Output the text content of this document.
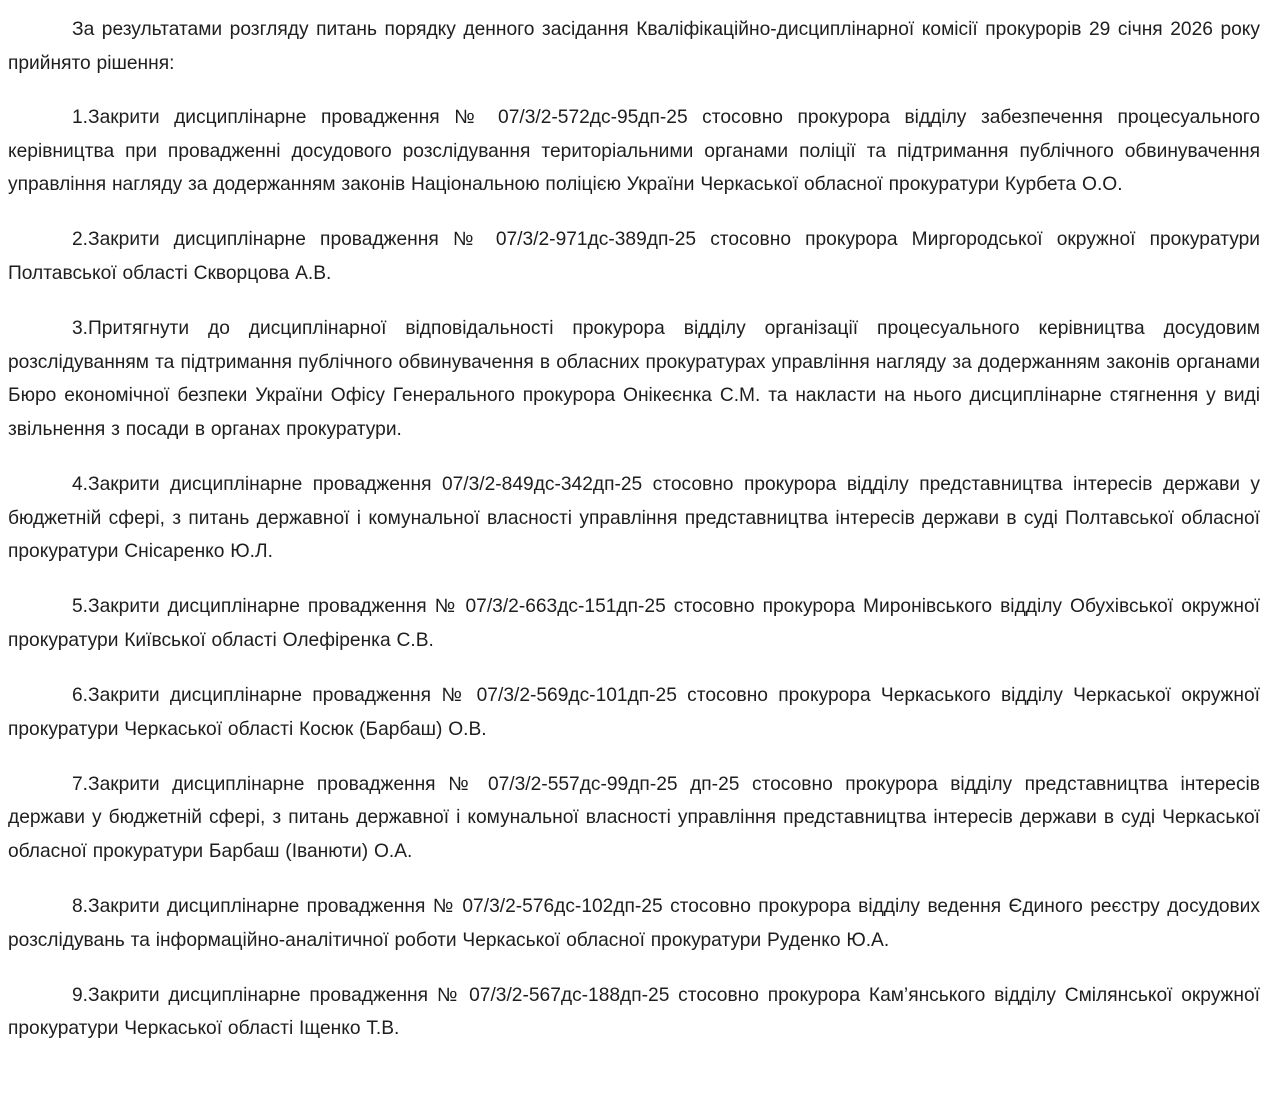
За результатами розгляду питань порядку денного засідання Кваліфікаційно-дисциплінарної комісії прокурорів 29 січня 2026 року прийнято рішення:

1.Закрити дисциплінарне провадження № 07/3/2-572дс-95дп-25 стосовно прокурора відділу забезпечення процесуального керівництва при провадженні досудового розслідування територіальними органами поліції та підтримання публічного обвинувачення управління нагляду за додержанням законів Національною поліцією України Черкаської обласної прокуратури Курбета О.О.

2.Закрити дисциплінарне провадження № 07/3/2-971дс-389дп-25 стосовно прокурора Миргородської окружної прокуратури Полтавської області Скворцова А.В.

3.Притягнути до дисциплінарної відповідальності прокурора відділу організації процесуального керівництва досудовим розслідуванням та підтримання публічного обвинувачення в обласних прокуратурах управління нагляду за додержанням законів органами Бюро економічної безпеки України Офісу Генерального прокурора Онікеєнка С.М. та накласти на нього дисциплінарне стягнення у виді звільнення з посади в органах прокуратури.

4.Закрити дисциплінарне провадження 07/3/2-849дс-342дп-25 стосовно прокурора відділу представництва інтересів держави у бюджетній сфері, з питань державної і комунальної власності управління представництва інтересів держави в суді Полтавської обласної прокуратури Снісаренко Ю.Л.

5.Закрити дисциплінарне провадження № 07/3/2-663дс-151дп-25 стосовно прокурора Миронівського відділу Обухівської окружної прокуратури Київської області Олефіренка С.В.

6.Закрити дисциплінарне провадження № 07/3/2-569дс-101дп-25 стосовно прокурора Черкаського відділу Черкаської окружної прокуратури Черкаської області Косюк (Барбаш) О.В.

7.Закрити дисциплінарне провадження № 07/3/2-557дс-99дп-25 дп-25 стосовно прокурора відділу представництва інтересів держави у бюджетній сфері, з питань державної і комунальної власності управління представництва інтересів держави в суді Черкаської обласної прокуратури Барбаш (Іванюти) О.А.

8.Закрити дисциплінарне провадження № 07/3/2-576дс-102дп-25 стосовно прокурора відділу ведення Єдиного реєстру досудових розслідувань та інформаційно-аналітичної роботи Черкаської обласної прокуратури Руденко Ю.А.

9.Закрити дисциплінарне провадження № 07/3/2-567дс-188дп-25 стосовно прокурора Кам’янського відділу Смілянської окружної прокуратури Черкаської області Іщенко Т.В.
